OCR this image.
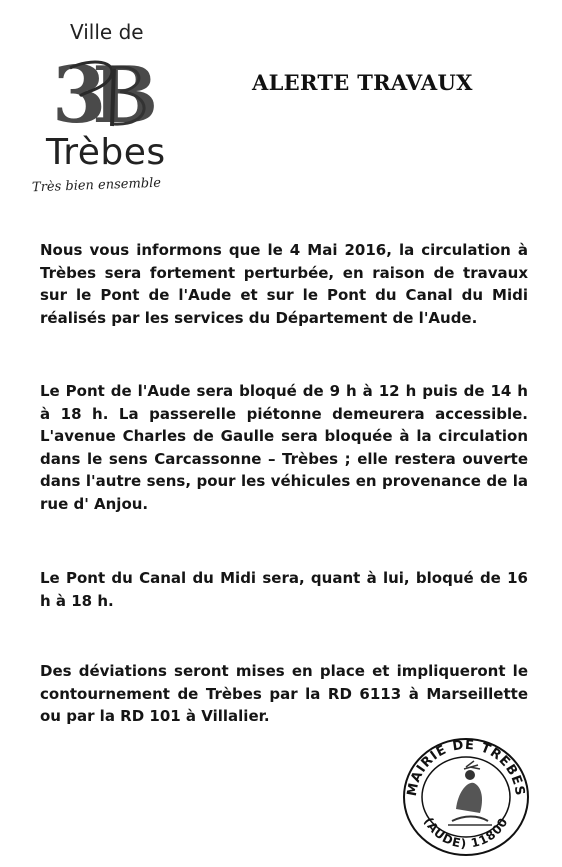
Ville de
3B
Trèbes
Très bien ensemble
ALERTE TRAVAUX
Nous vous informons que le 4 Mai 2016, la circulation à Trèbes sera fortement perturbée, en raison de travaux sur le Pont de l'Aude et sur le Pont du Canal du Midi réalisés par les services du Département de l'Aude.
Le Pont de l'Aude sera bloqué de 9 h à 12 h puis de 14 h à 18 h. La passerelle piétonne demeurera accessible. L'avenue Charles de Gaulle sera bloquée à la circulation dans le sens Carcassonne – Trèbes ; elle restera ouverte dans l'autre sens, pour les véhicules en provenance de la rue d' Anjou.
Le Pont du Canal du Midi sera, quant à lui, bloqué de 16 h à 18 h.
Des déviations seront mises en place et impliqueront le contournement de Trèbes par la RD 6113 à Marseillette ou par la RD 101 à Villalier.
MAIRIE DE TREBES
(AUDE) 11800
